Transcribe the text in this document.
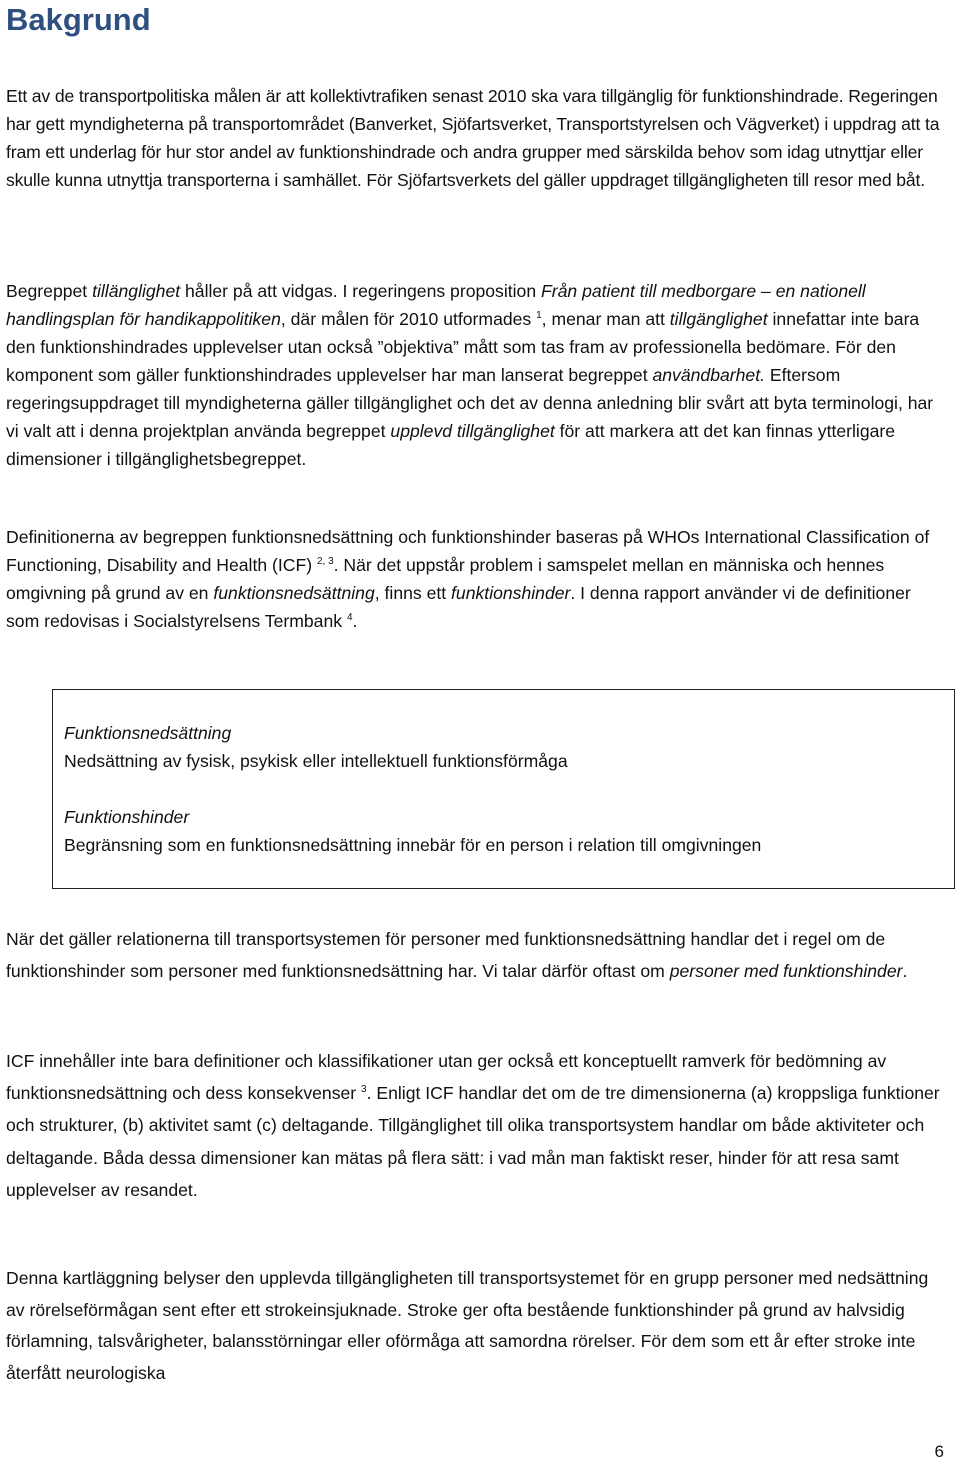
Bakgrund

Ett av de transportpolitiska målen är att kollektivtrafiken senast 2010 ska vara tillgänglig för funktionshindrade. Regeringen har gett myndigheterna på transportområdet (Banverket, Sjöfartsverket, Transportstyrelsen och Vägverket) i uppdrag att ta fram ett underlag för hur stor andel av funktionshindrade och andra grupper med särskilda behov som idag utnyttjar eller skulle kunna utnyttja transporterna i samhället. För Sjöfartsverkets del gäller uppdraget tillgängligheten till resor med båt.

Begreppet tillänglighet håller på att vidgas. I regeringens proposition Från patient till medborgare – en nationell handlingsplan för handikappolitiken, där målen för 2010 utformades $^1$, menar man att tillgänglighet innefattar inte bara den funktionshindrades upplevelser utan också ”objektiva” mått som tas fram av professionella bedömare. För den komponent som gäller funktionshindrades upplevelser har man lanserat begreppet användbarhet. Eftersom regeringsuppdraget till myndigheterna gäller tillgänglighet och det av denna anledning blir svårt att byta terminologi, har vi valt att i denna projektplan använda begreppet upplevd tillgänglighet för att markera att det kan finnas ytterligare dimensioner i tillgänglighetsbegreppet.

Definitionerna av begreppen funktionsnedsättning och funktionshinder baseras på WHOs International Classification of Functioning, Disability and Health (ICF) $^{2, 3}$. När det uppstår problem i samspelet mellan en människa och hennes omgivning på grund av en funktionsnedsättning, finns ett funktionshinder. I denna rapport använder vi de definitioner som redovisas i Socialstyrelsens Termbank $^4$.

Funktionsnedsättning
Nedsättning av fysisk, psykisk eller intellektuell funktionsförmåga
Funktionshinder
Begränsning som en funktionsnedsättning innebär för en person i relation till omgivningen

När det gäller relationerna till transportsystemen för personer med funktionsnedsättning handlar det i regel om de funktionshinder som personer med funktionsnedsättning har. Vi talar därför oftast om personer med funktionshinder.

ICF innehåller inte bara definitioner och klassifikationer utan ger också ett konceptuellt ramverk för bedömning av funktionsnedsättning och dess konsekvenser $^3$. Enligt ICF handlar det om de tre dimensionerna (a) kroppsliga funktioner och strukturer, (b) aktivitet samt (c) deltagande. Tillgänglighet till olika transportsystem handlar om både aktiviteter och deltagande. Båda dessa dimensioner kan mätas på flera sätt: i vad mån man faktiskt reser, hinder för att resa samt upplevelser av resandet.

Denna kartläggning belyser den upplevda tillgängligheten till transportsystemet för en grupp personer med nedsättning av rörelseförmågan sent efter ett strokeinsjuknade. Stroke ger ofta bestående funktionshinder på grund av halvsidig förlamning, talsvårigheter, balansstörningar eller oförmåga att samordna rörelser. För dem som ett år efter stroke inte återfått neurologiska

6
